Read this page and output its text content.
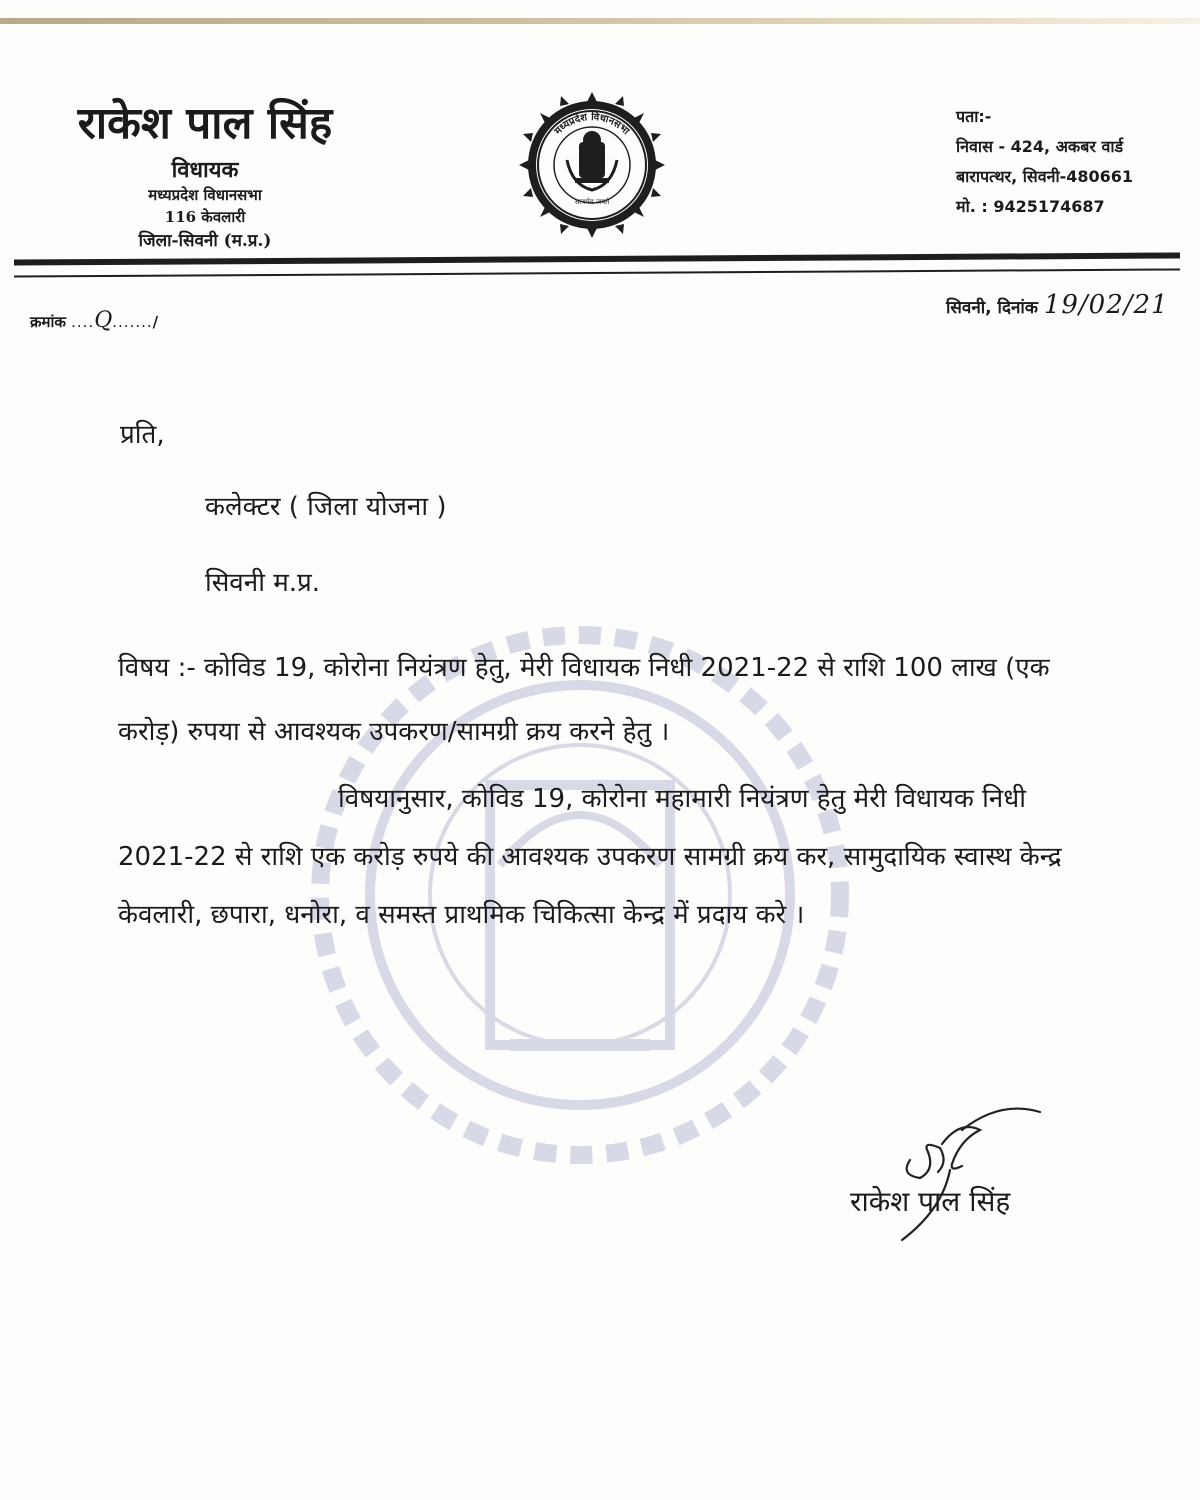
राकेश पाल सिंह
विधायक
मध्यप्रदेश विधानसभा
116 केवलारी
जिला-सिवनी (म.प्र.)
मध्यप्रदेश विधानसभा
सत्यमेव जयते
पता:-
निवास - 424, अकबर वार्ड
बारापत्थर, सिवनी-480661
मो. : 9425174687
क्रमांक ....Q......./
सिवनी, दिनांक 19/02/21
प्रति,
कलेक्टर ( जिला योजना )
सिवनी म.प्र.
विषय :- कोविड 19, कोरोना नियंत्रण हेतु, मेरी विधायक निधी 2021-22 से राशि 100 लाख (एक करोड़) रुपया से आवश्यक उपकरण/सामग्री क्रय करने हेतु ।
विषयानुसार, कोविड 19, कोरोना महामारी नियंत्रण हेतु मेरी विधायक निधी 2021-22 से राशि एक करोड़ रुपये की आवश्यक उपकरण सामग्री क्रय कर, सामुदायिक स्वास्थ केन्द्र केवलारी, छपारा, धनोरा, व समस्त प्राथमिक चिकित्सा केन्द्र में प्रदाय करे ।
राकेश पाल सिंह
